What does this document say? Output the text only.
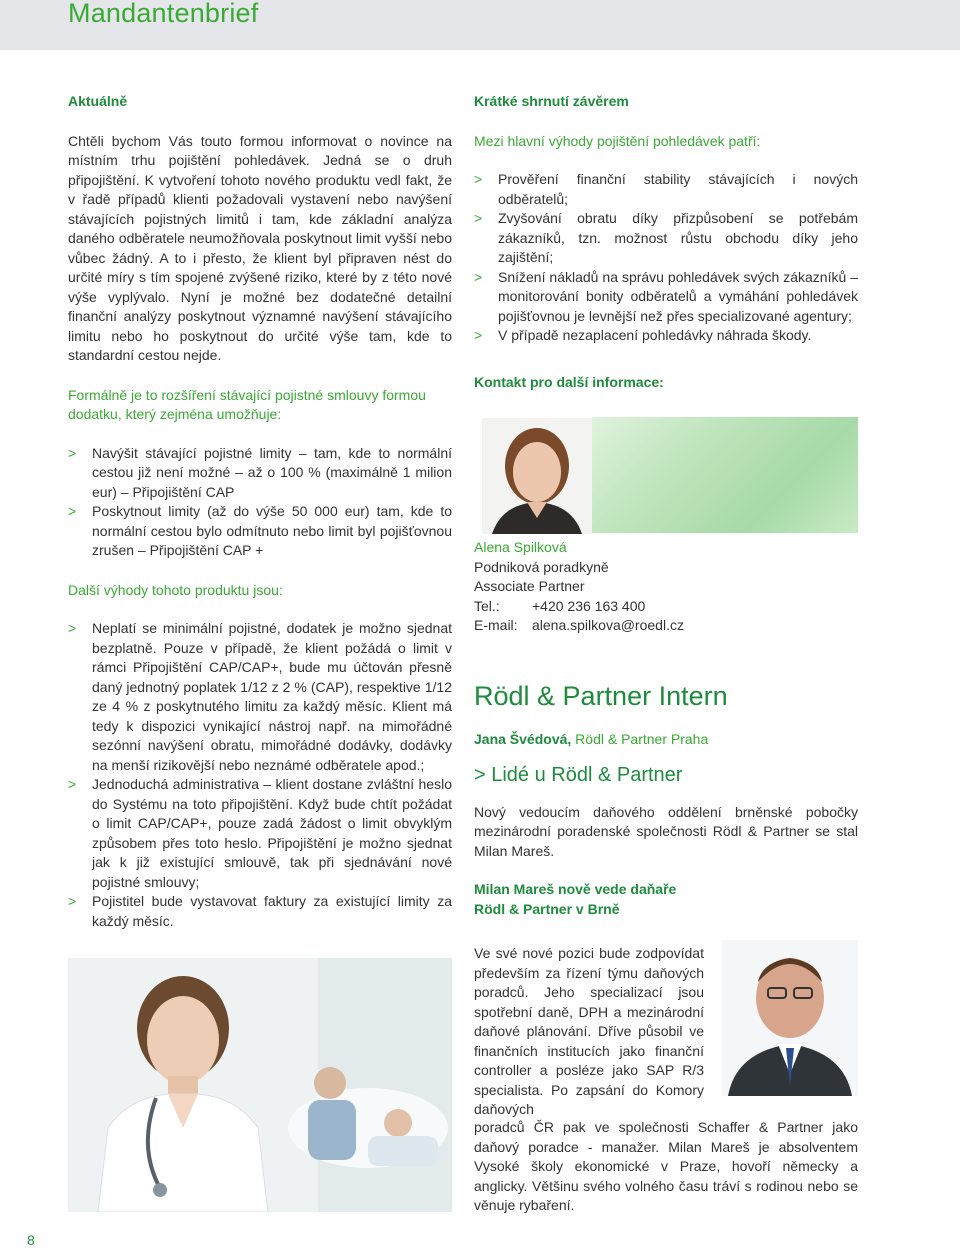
Mandantenbrief

Aktuálně

Chtěli bychom Vás touto formou informovat o novince na místním trhu pojištění pohledávek. Jedná se o druh připojištění. K vytvoření tohoto nového produktu vedl fakt, že v řadě případů klienti požadovali vystavení nebo navýšení stávajících pojistných limitů i tam, kde základní analýza daného odběratele neumožňovala poskytnout limit vyšší nebo vůbec žádný. A to i přesto, že klient byl připraven nést do určité míry s tím spojené zvýšené riziko, které by z této nové výše vyplývalo. Nyní je možné bez dodatečné detailní finanční analýzy poskytnout významné navýšení stávajícího limitu nebo ho poskytnout do určité výše tam, kde to standardní cestou nejde.

Formálně je to rozšíření stávající pojistné smlouvy formou dodatku, který zejména umožňuje:

> Navýšit stávající pojistné limity – tam, kde to normální cestou již není možné – až o 100 % (maximálně 1 milion eur) – Připojištění CAP
> Poskytnout limity (až do výše 50 000 eur) tam, kde to normální cestou bylo odmítnuto nebo limit byl pojišťovnou zrušen – Připojištění CAP +

Další výhody tohoto produktu jsou:

> Neplatí se minimální pojistné, dodatek je možno sjednat bezplatně. Pouze v případě, že klient požádá o limit v rámci Připojištění CAP/CAP+, bude mu účtován přesně daný jednotný poplatek 1/12 z 2 % (CAP), respektive 1/12 ze 4 % z poskytnutého limitu za každý měsíc. Klient má tedy k dispozici vynikající nástroj např. na mimořádné sezónní navýšení obratu, mimořádné dodávky, dodávky na menší rizikovější nebo neznámé odběratele apod.;
> Jednoduchá administrativa – klient dostane zvláštní heslo do Systému na toto připojištění. Když bude chtít požádat o limit CAP/CAP+, pouze zadá žádost o limit obvyklým způsobem přes toto heslo. Připojištění je možno sjednat jak k již existující smlouvě, tak při sjednávání nové pojistné smlouvy;
> Pojistitel bude vystavovat faktury za existující limity za každý měsíc.

Krátké shrnutí závěrem

Mezi hlavní výhody pojištění pohledávek patří:

> Prověření finanční stability stávajících i nových odběratelů;
> Zvyšování obratu díky přizpůsobení se potřebám zákazníků, tzn. možnost růstu obchodu díky jeho zajištění;
> Snížení nákladů na správu pohledávek svých zákazníků – monitorování bonity odběratelů a vymáhání pohledávek pojišťovnou je levnější než přes specializované agentury;
> V případě nezaplacení pohledávky náhrada škody.

Kontakt pro další informace:

Alena Spilková
Podniková poradkyně
Associate Partner
Tel.: +420 236 163 400
E-mail: alena.spilkova@roedl.cz

Rödl & Partner Intern

Jana Švédová, Rödl & Partner Praha

> Lidé u Rödl & Partner

Nový vedoucím daňového oddělení brněnské pobočky mezinárodní poradenské společnosti Rödl & Partner se stal Milan Mareš.

Milan Mareš nově vede daňaře

Rödl & Partner v Brně

Ve své nové pozici bude zodpovídat především za řízení týmu daňových poradců. Jeho specializací jsou spotřební daně, DPH a mezinárodní daňové plánování. Dříve působil ve finančních institucích jako finanční controller a posléze jako SAP R/3 specialista. Po zapsání do Komory daňových

poradců ČR pak ve společnosti Schaffer & Partner jako daňový poradce - manažer. Milan Mareš je absolventem Vysoké školy ekonomické v Praze, hovoří německy a anglicky. Většinu svého volného času tráví s rodinou nebo se věnuje rybaření.

8
